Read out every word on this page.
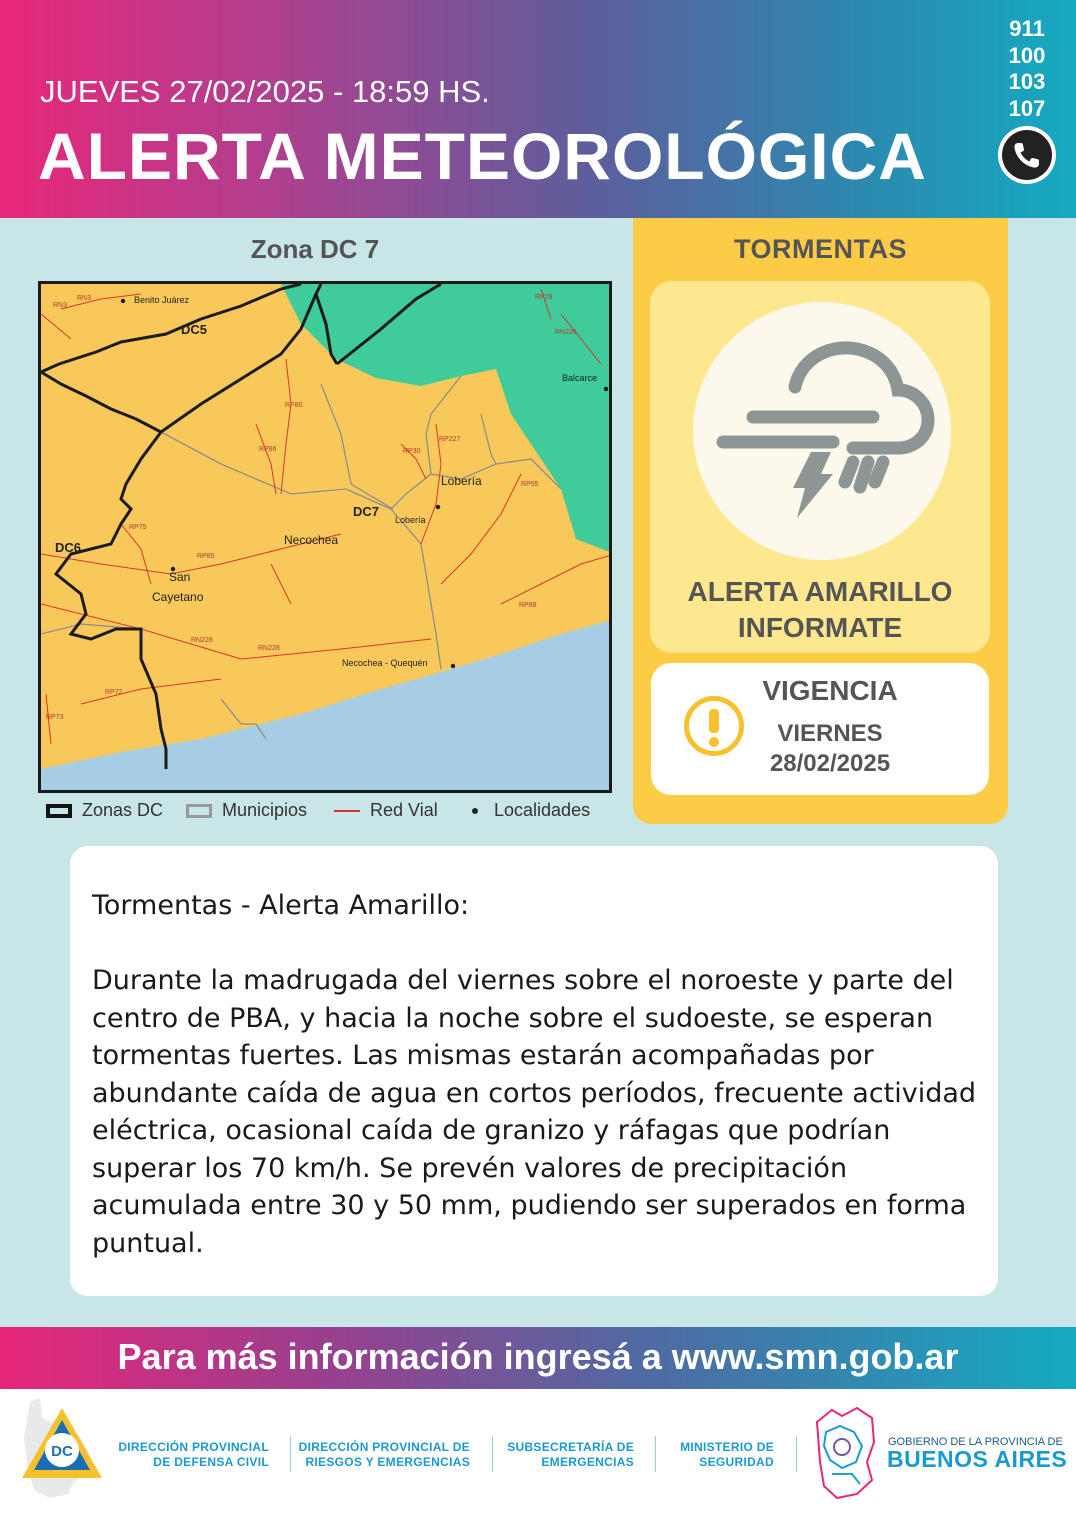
JUEVES 27/02/2025 - 18:59 HS.
ALERTA METEOROLÓGICA
911
100
103
107
Zona DC 7
Benito Juárez
Balcarce
Lobería
Lobería
Necochea
San
Cayetano
Necochea - Quequén
DC5
DC6
DC7
RN3
RN3
RP80
RP86	RP30
RP227
RP55
RP75
RP85
RP88
RN228
RN228
RP72
RP73
RP29
RN226
Zonas DC	Municipios	Red Vial	Localidades
TORMENTAS
ALERTA AMARILLO
INFORMATE
VIGENCIA
VIERNES
28/02/2025
Tormentas - Alerta Amarillo:
Durante la madrugada del viernes sobre el noroeste y parte del
centro de PBA, y hacia la noche sobre el sudoeste, se esperan
tormentas fuertes. Las mismas estarán acompañadas por
abundante caída de agua en cortos períodos, frecuente actividad
eléctrica, ocasional caída de granizo y ráfagas que podrían
superar los 70 km/h. Se prevén valores de precipitación
acumulada entre 30 y 50 mm, pudiendo ser superados en forma
puntual.
Para más información ingresá a www.smn.gob.ar
DC	DIRECCIÓN PROVINCIAL
DE DEFENSA CIVIL
DIRECCIÓN PROVINCIAL DE
RIESGOS Y EMERGENCIAS
SUBSECRETARÍA DE
EMERGENCIAS
MINISTERIO DE
SEGURIDAD
GOBIERNO DE LA PROVINCIA DE
BUENOS AIRES
